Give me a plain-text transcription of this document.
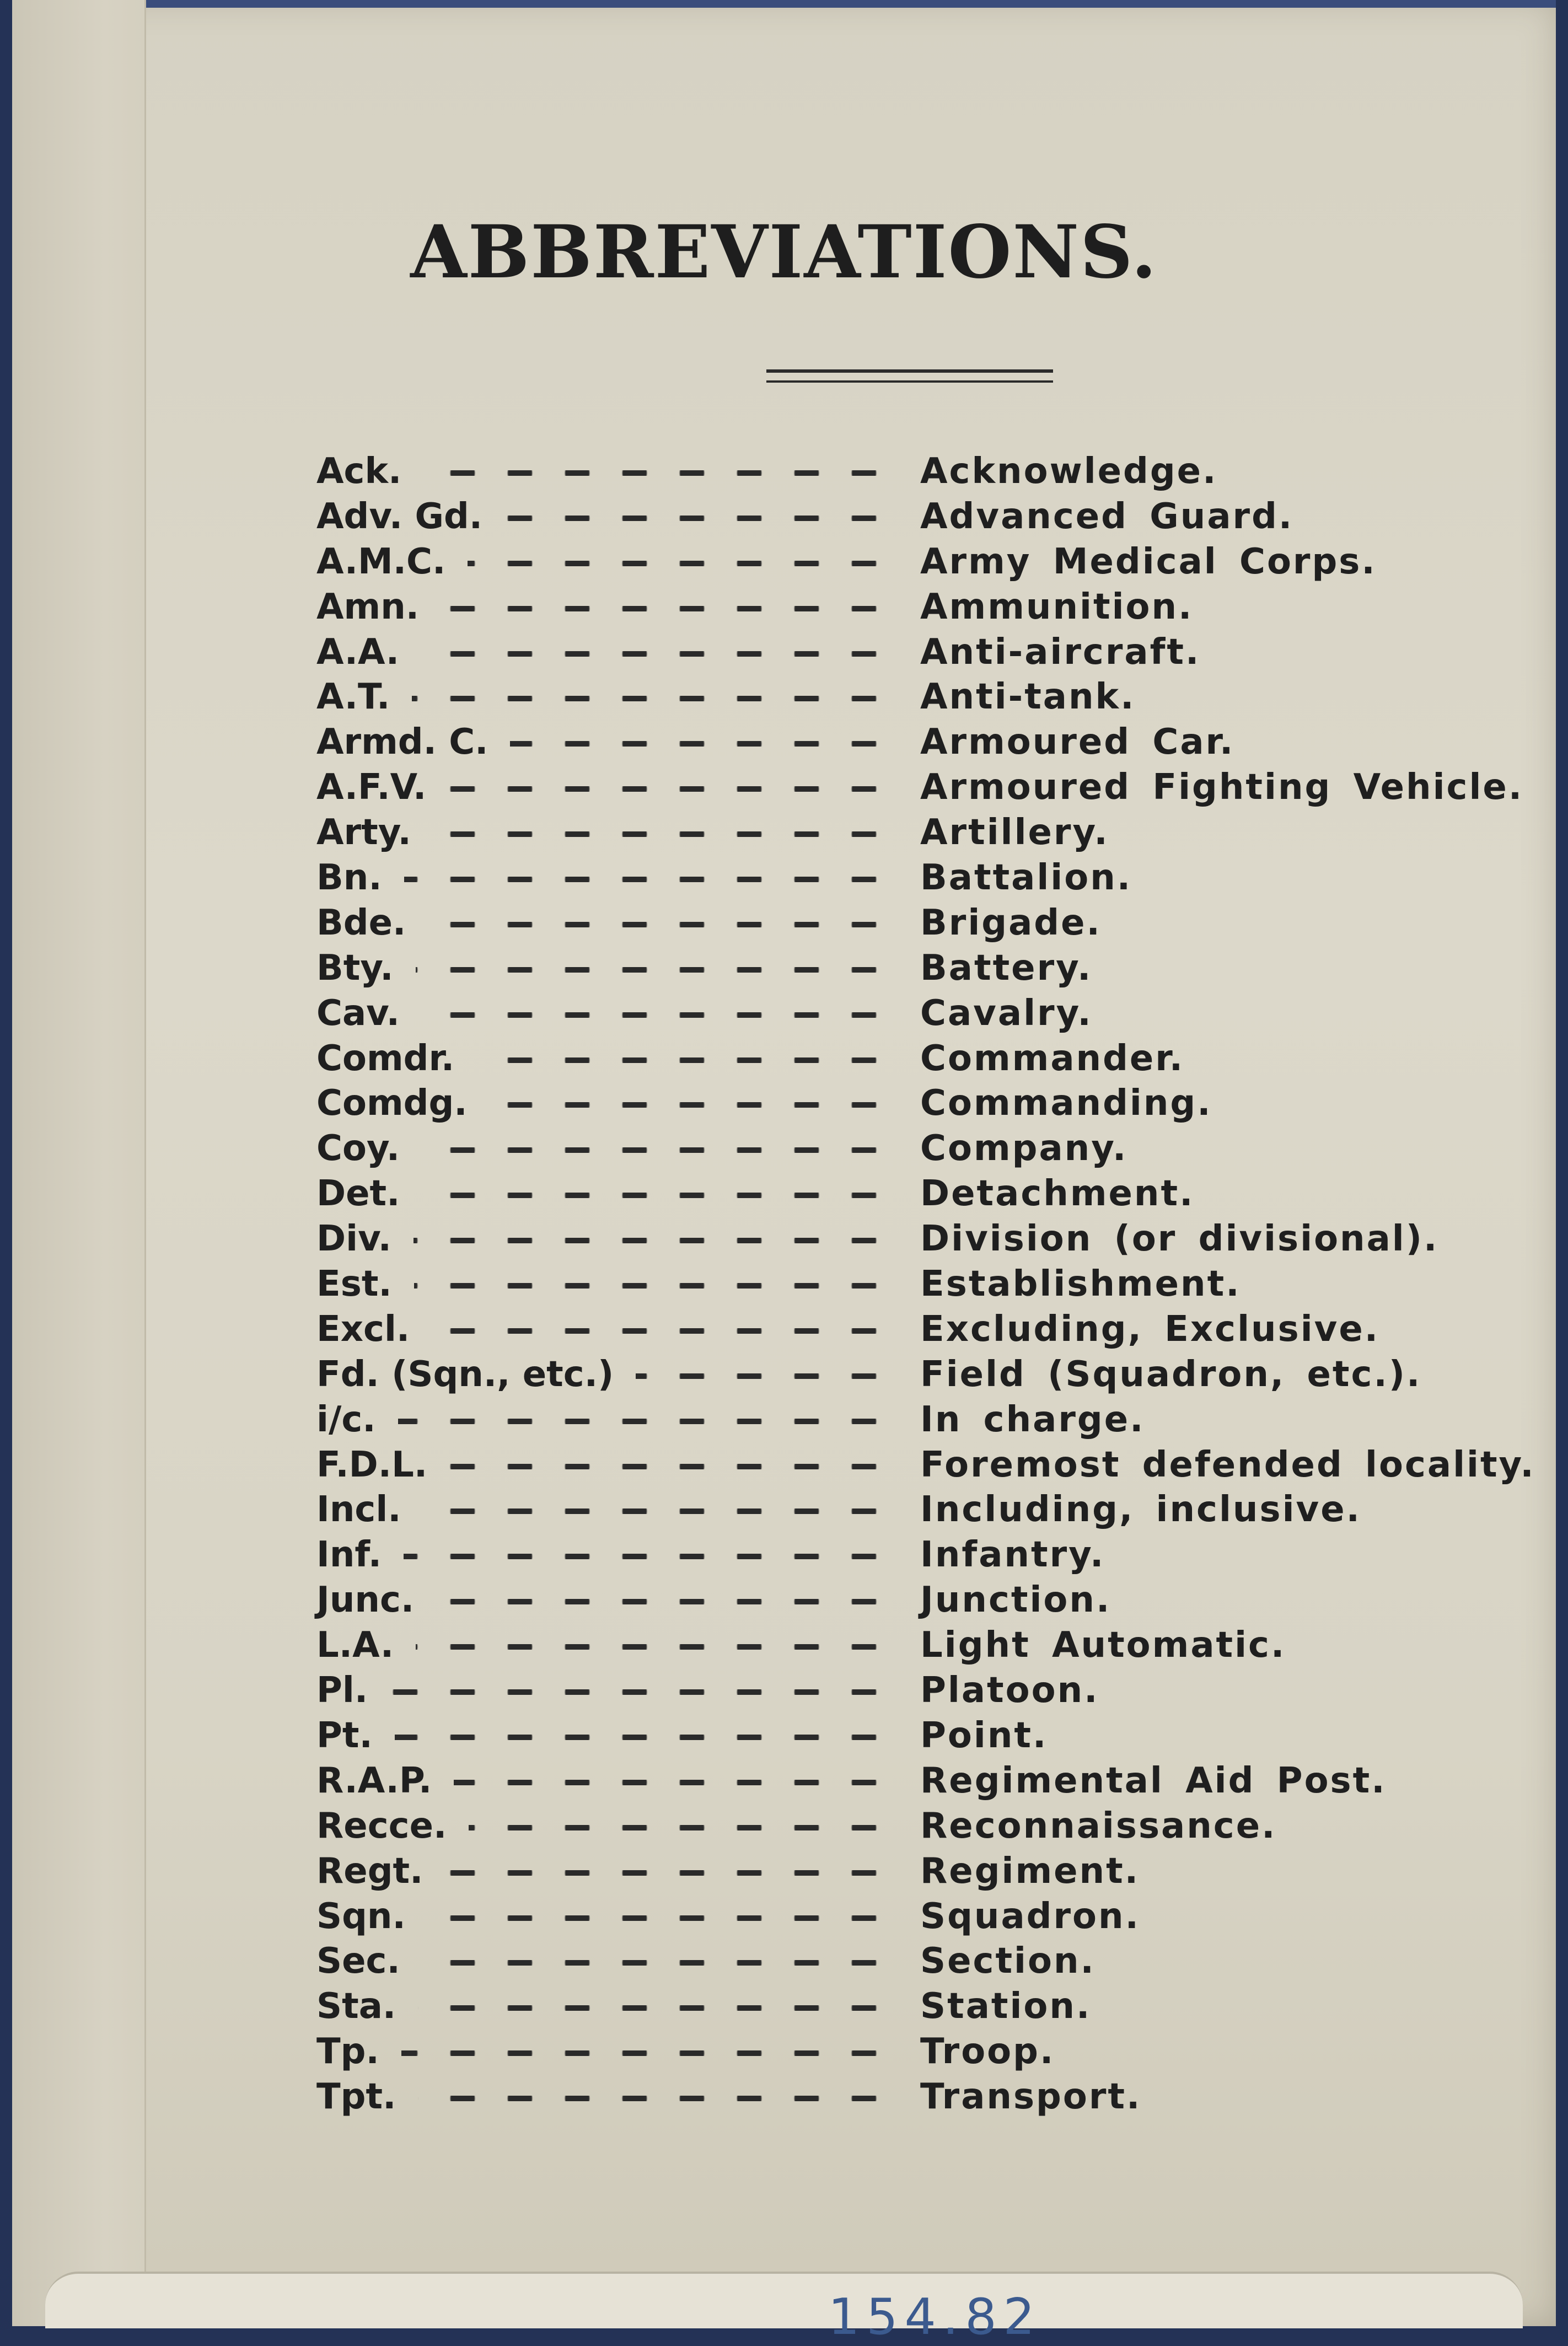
ABBREVIATIONS.
Ack.	Acknowledge.
Adv. Gd.	Advanced Guard.
A.M.C.	Army Medical Corps.
Amn.	Ammunition.
A.A.	Anti-aircraft.
A.T.	Anti-tank.
Armd. C.	Armoured Car.
A.F.V.	Armoured Fighting Vehicle.
Arty.	Artillery.
Bn.	Battalion.
Bde.	Brigade.
Bty.	Battery.
Cav.	Cavalry.
Comdr.	Commander.
Comdg.	Commanding.
Coy.	Company.
Det.	Detachment.
Div.	Division (or divisional).
Est.	Establishment.
Excl.	Excluding, Exclusive.
Fd. (Sqn., etc.)	Field (Squadron, etc.).
i/c.	In charge.
F.D.L.	Foremost defended locality.
Incl.	Including, inclusive.
Inf.	Infantry.
Junc.	Junction.
L.A.	Light Automatic.
Pl.	Platoon.
Pt.	Point.
R.A.P.	Regimental Aid Post.
Recce.	Reconnaissance.
Regt.	Regiment.
Sqn.	Squadron.
Sec.	Section.
Sta.	Station.
Tp.	Troop.
Tpt.	Transport.
154.82
